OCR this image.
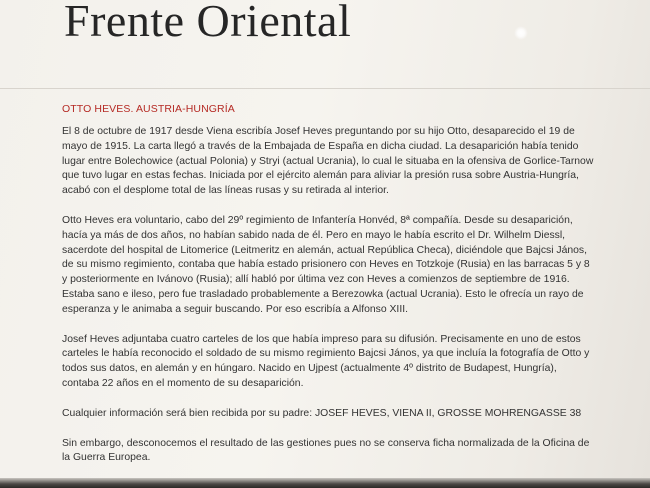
Frente Oriental
OTTO HEVES. AUSTRIA-HUNGRÍA

El 8 de octubre de 1917 desde Viena escribía Josef Heves preguntando por su hijo Otto, desaparecido el 19 de mayo de 1915. La carta llegó a través de la Embajada de España en dicha ciudad. La desaparición había tenido lugar entre Bolechowice (actual Polonia) y Stryi (actual Ucrania), lo cual le situaba en la ofensiva de Gorlice-Tarnow que tuvo lugar en estas fechas. Iniciada por el ejército alemán para aliviar la presión rusa sobre Austria-Hungría, acabó con el desplome total de las líneas rusas y su retirada al interior.

Otto Heves era voluntario, cabo del 29º regimiento de Infantería Honvéd, 8ª compañía. Desde su desaparición, hacía ya más de dos años, no habían sabido nada de él. Pero en mayo le había escrito el Dr. Wilhelm Diessl, sacerdote del hospital de Litomerice (Leitmeritz en alemán, actual República Checa), diciéndole que Bajcsi János, de su mismo regimiento, contaba que había estado prisionero con Heves en Totzkoje (Rusia) en las barracas 5 y 8 y posteriormente en Ivánovo (Rusia); allí habló por última vez con Heves a comienzos de septiembre de 1916. Estaba sano e ileso, pero fue trasladado probablemente a Berezowka (actual Ucrania). Esto le ofrecía un rayo de esperanza y le animaba a seguir buscando. Por eso escribía a Alfonso XIII.

Josef Heves adjuntaba cuatro carteles de los que había impreso para su difusión. Precisamente en uno de estos carteles le había reconocido el soldado de su mismo regimiento Bajcsi János, ya que incluía la fotografía de Otto y todos sus datos, en alemán y en húngaro. Nacido en Ujpest (actualmente 4º distrito de Budapest, Hungría), contaba 22 años en el momento de su desaparición.

Cualquier información será bien recibida por su padre: JOSEF HEVES, VIENA II, GROSSE MOHRENGASSE 38

Sin embargo, desconocemos el resultado de las gestiones pues no se conserva ficha normalizada de la Oficina de la Guerra Europea.
